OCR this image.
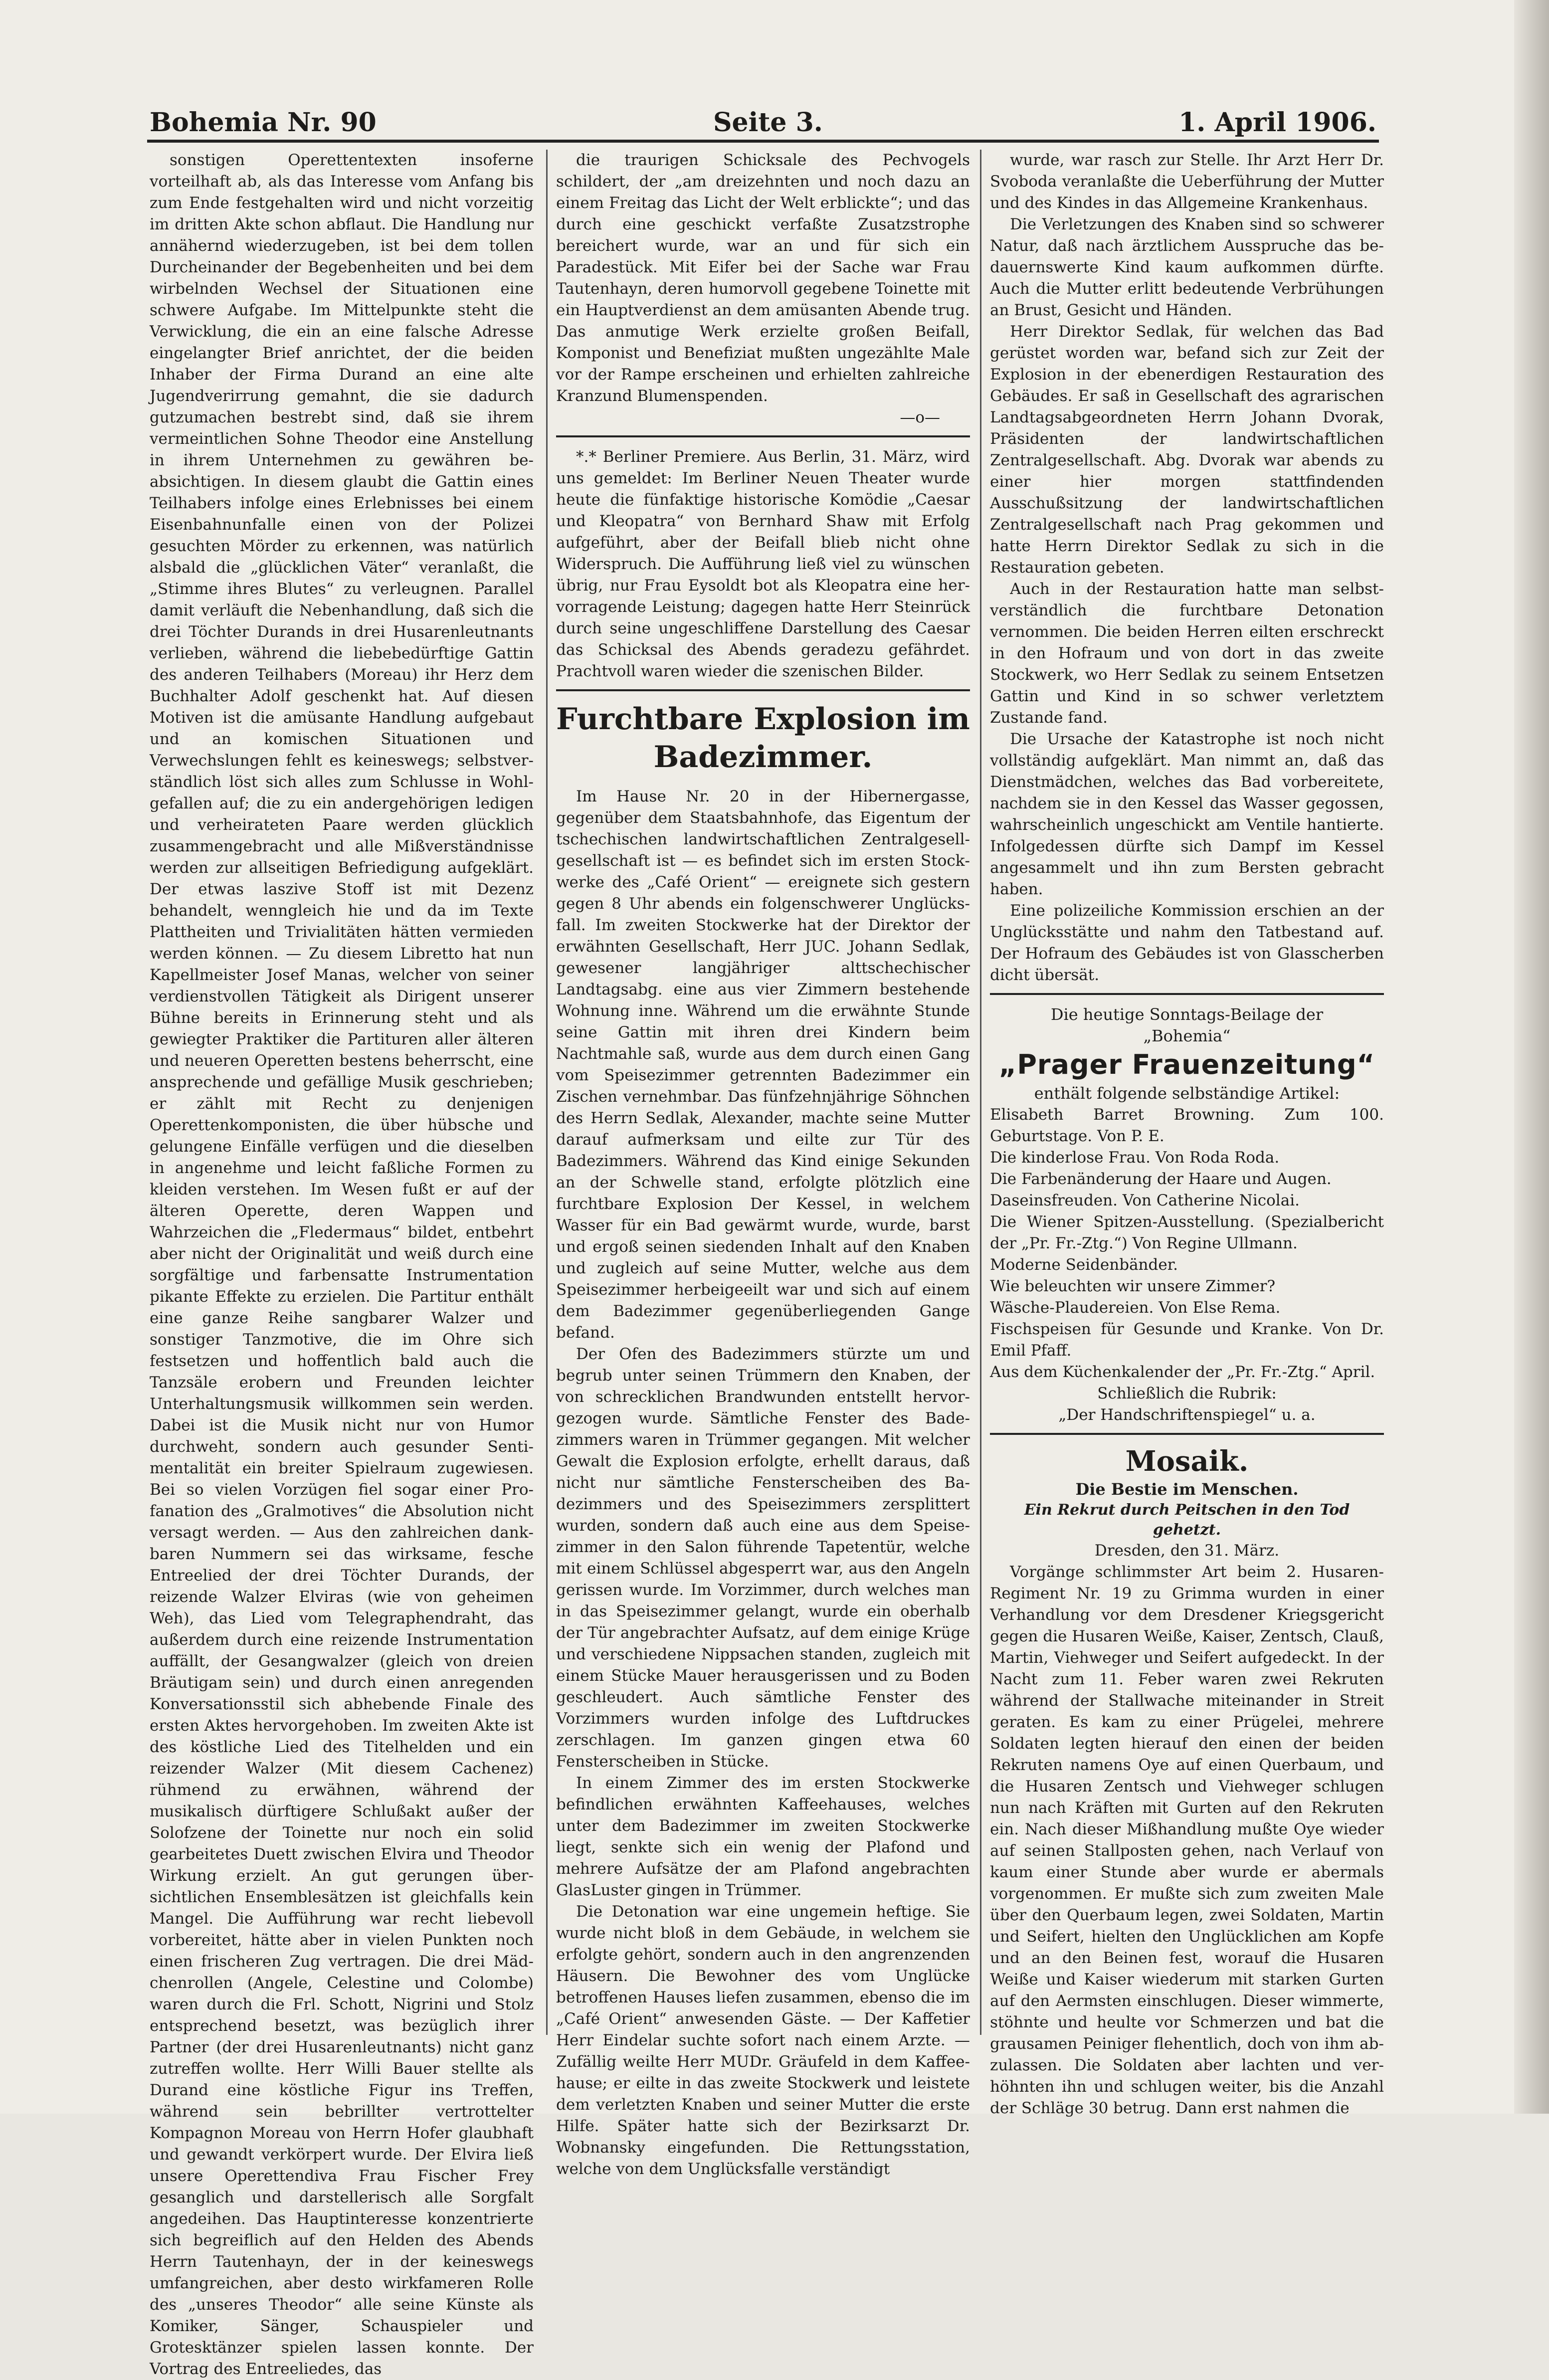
Bohemia Nr. 90	Seite 3.	1. April 1906.

sonstigen Operettentexten insoferne vorteilhaft ab, als das Interesse vom Anfang bis zum Ende festgehalten wird und nicht vorzeitig im dritten Akte schon abflaut. Die Handlung nur annähernd wiederzugeben, ist bei dem tollen Durcheinander der Begebenheiten und bei dem wirbelnden Wechsel der Situationen eine schwere Aufgabe. Im Mittelpunkte steht die Verwicklung, die ein an eine falsche Adresse eingelangter Brief anrichtet, der die beiden Inhaber der Firma Durand an eine alte Jugendverirrung gemahnt, die sie dadurch gutzumachen bestrebt sind, daß sie ihrem vermeintlichen Sohne Theodor eine Anstellung in ihrem Unternehmen zu gewähren beabsichtigen. In diesem glaubt die Gattin eines Teilhabers infolge eines Erlebnisses bei einem Eisenbahnunfalle einen von der Polizei gesuchten Mörder zu erkennen, was natürlich alsbald die „glücklichen Väter“ veranlaßt, die „Stimme ihres Blutes“ zu verleugnen. Parallel damit verläuft die Nebenhandlung, daß sich die drei Töchter Durands in drei Husarenleutnants verlieben, während die liebebedürftige Gattin des anderen Teilhabers (Moreau) ihr Herz dem Buchhalter Adolf geschenkt hat. Auf diesen Motiven ist die amüsante Handlung aufgebaut und an komischen Situationen und Verwechslungen fehlt es keineswegs; selbstverständlich löst sich alles zum Schlusse in Wohlgefallen auf; die zu ein andergehörigen ledigen und verheirateten Paare werden glücklich zusammengebracht und alle Mißverständnisse werden zur allseitigen Befriedigung aufgeklärt. Der etwas laszive Stoff ist mit Dezenz behandelt, wenngleich hie und da im Texte Plattheiten und Trivialitäten hätten vermieden werden können. — Zu diesem Libretto hat nun Kapellmeister Josef Manas, welcher von seiner verdienstvollen Tätigkeit als Dirigent unserer Bühne bereits in Erinnerung steht und als gewiegter Praktiker die Partituren aller älteren und neueren Operetten bestens beherrscht, eine ansprechende und gefällige Musik geschrieben; er zählt mit Recht zu denjenigen Operettenkomponisten, die über hübsche und gelungene Einfälle verfügen und die dieselben in angenehme und leicht faßliche Formen zu kleiden verstehen. Im Wesen fußt er auf der älteren Operette, deren Wappen und Wahrzeichen die „Fledermaus“ bildet, entbehrt aber nicht der Originalität und weiß durch eine sorgfältige und farbensatte Instrumentation pikante Effekte zu erzielen. Die Partitur enthält eine ganze Reihe sangbarer Walzer und sonstiger Tanzmotive, die im Ohre sich festsetzen und hoffentlich bald auch die Tanzsäle erobern und Freunden leichter Unterhaltungsmusik willkommen sein werden. Dabei ist die Musik nicht nur von Humor durchweht, sondern auch gesunder Sentimentalität ein breiter Spielraum zugewiesen. Bei so vielen Vorzügen fiel sogar einer Profanation des „Gralmotives“ die Absolution nicht versagt werden. — Aus den zahlreichen dankbaren Nummern sei das wirksame, fesche Entreelied der drei Töchter Durands, der reizende Walzer Elviras (wie von geheimen Weh), das Lied vom Telegraphendraht, das außerdem durch eine reizende Instrumentation auffällt, der Gesangwalzer (gleich von dreien Bräutigam sein) und durch einen anregenden Konversationsstil sich abhebende Finale des ersten Aktes hervorgehoben. Im zweiten Akte ist des köstliche Lied des Titelhelden und ein reizender Walzer (Mit diesem Cachenez) rühmend zu erwähnen, während der musikalisch dürftigere Schlußakt außer der Solofzene der Toinette nur noch ein solid gearbeitetes Duett zwischen Elvira und Theodor Wirkung erzielt. An gut gerungen übersichtlichen Ensemblesätzen ist gleichfalls kein Mangel. Die Aufführung war recht liebevoll vorbereitet, hätte aber in vielen Punkten noch einen frischeren Zug vertragen. Die drei Mädchenrollen (Angele, Celestine und Colombe) waren durch die Frl. Schott, Nigrini und Stolz entsprechend besetzt, was bezüglich ihrer Partner (der drei Husarenleutnants) nicht ganz zutreffen wollte. Herr Willi Bauer stellte als Durand eine köstliche Figur ins Treffen, während sein bebrillter vertrottelter Kompagnon Moreau von Herrn Hofer glaubhaft und gewandt verkörpert wurde. Der Elvira ließ unsere Operettendiva Frau Fischer Frey gesanglich und darstellerisch alle Sorgfalt angedeihen. Das Hauptinteresse konzentrierte sich begreiflich auf den Helden des Abends Herrn Tautenhayn, der in der keineswegs umfangreichen, aber desto wirkfameren Rolle des „unseres Theodor“ alle seine Künste als Komiker, Sänger, Schauspieler und Grotesktänzer spielen lassen konnte. Der Vortrag des Entreeliedes, das

die traurigen Schicksale des Pechvogels schildert, der „am dreizehnten und noch dazu an einem Freitag das Licht der Welt erblickte“; und das durch eine geschickt verfaßte Zusatzstrophe bereichert wurde, war an und für sich ein Paradestück. Mit Eifer bei der Sache war Frau Tautenhayn, deren humorvoll gegebene Toinette mit ein Hauptverdienst an dem amüsanten Abende trug. Das anmutige Werk erzielte großen Beifall, Komponist und Benefiziat mußten ungezählte Male vor der Rampe erscheinen und erhielten zahlreiche Kranzund Blumenspenden.

—o—

*.* Berliner Premiere. Aus Berlin, 31. März, wird uns gemeldet: Im Berliner Neuen Theater wurde heute die fünfaktige historische Komödie „Caesar und Kleopatra“ von Bernhard Shaw mit Erfolg aufgeführt, aber der Beifall blieb nicht ohne Widerspruch. Die Aufführung ließ viel zu wünschen übrig, nur Frau Eysoldt bot als Kleopatra eine hervorragende Leistung; dagegen hatte Herr Steinrück durch seine ungeschliffene Darstellung des Caesar das Schicksal des Abends geradezu gefährdet. Prachtvoll waren wieder die szenischen Bilder.

Furchtbare Explosion im Badezimmer.

Im Hause Nr. 20 in der Hibernergasse, gegenüber dem Staatsbahnhofe, das Eigentum der tschechischen landwirtschaftlichen Zentralgesellgesellschaft ist — es befindet sich im ersten Stockwerke des „Café Orient“ — ereignete sich gestern gegen 8 Uhr abends ein folgenschwerer Unglücksfall. Im zweiten Stockwerke hat der Direktor der erwähnten Gesellschaft, Herr JUC. Johann Sedlak, gewesener langjähriger alttschechischer Landtagsabg. eine aus vier Zimmern bestehende Wohnung inne. Während um die erwähnte Stunde seine Gattin mit ihren drei Kindern beim Nachtmahle saß, wurde aus dem durch einen Gang vom Speisezimmer getrennten Badezimmer ein Zischen vernehmbar. Das fünfzehnjährige Söhnchen des Herrn Sedlak, Alexander, machte seine Mutter darauf aufmerksam und eilte zur Tür des Badezimmers. Während das Kind einige Sekunden an der Schwelle stand, erfolgte plötzlich eine furchtbare Explosion Der Kessel, in welchem Wasser für ein Bad gewärmt wurde, wurde, barst und ergoß seinen siedenden Inhalt auf den Knaben und zugleich auf seine Mutter, welche aus dem Speisezimmer herbeigeeilt war und sich auf einem dem Badezimmer gegenüberliegenden Gange befand.

Der Ofen des Badezimmers stürzte um und begrub unter seinen Trümmern den Knaben, der von schrecklichen Brandwunden entstellt hervorgezogen wurde. Sämtliche Fenster des Badezimmers waren in Trümmer gegangen. Mit welcher Gewalt die Explosion erfolgte, erhellt daraus, daß nicht nur sämtliche Fensterscheiben des Badezimmers und des Speisezimmers zersplittert wurden, sondern daß auch eine aus dem Speisezimmer in den Salon führende Tapetentür, welche mit einem Schlüssel abgesperrt war, aus den Angeln gerissen wurde. Im Vorzimmer, durch welches man in das Speisezimmer gelangt, wurde ein oberhalb der Tür angebrachter Aufsatz, auf dem einige Krüge und verschiedene Nippsachen standen, zugleich mit einem Stücke Mauer herausgerissen und zu Boden geschleudert. Auch sämtliche Fenster des Vorzimmers wurden infolge des Luftdruckes zerschlagen. Im ganzen gingen etwa 60 Fensterscheiben in Stücke.

In einem Zimmer des im ersten Stockwerke befindlichen erwähnten Kaffeehauses, welches unter dem Badezimmer im zweiten Stockwerke liegt, senkte sich ein wenig der Plafond und mehrere Aufsätze der am Plafond angebrachten GlasLuster gingen in Trümmer.

Die Detonation war eine ungemein heftige. Sie wurde nicht bloß in dem Gebäude, in welchem sie erfolgte gehört, sondern auch in den angrenzenden Häusern. Die Bewohner des vom Unglücke betroffenen Hauses liefen zusammen, ebenso die im „Café Orient“ anwesenden Gäste. — Der Kaffetier Herr Eindelar suchte sofort nach einem Arzte. — Zufällig weilte Herr MUDr. Gräufeld in dem Kaffeehause; er eilte in das zweite Stockwerk und leistete dem verletzten Knaben und seiner Mutter die erste Hilfe. Später hatte sich der Bezirksarzt Dr. Wobnansky eingefunden. Die Rettungsstation, welche von dem Unglücksfalle verständigt

wurde, war rasch zur Stelle. Ihr Arzt Herr Dr. Svoboda veranlaßte die Ueberführung der Mutter und des Kindes in das Allgemeine Krankenhaus.

Die Verletzungen des Knaben sind so schwerer Natur, daß nach ärztlichem Ausspruche das bedauernswerte Kind kaum aufkommen dürfte. Auch die Mutter erlitt bedeutende Verbrühungen an Brust, Gesicht und Händen.

Herr Direktor Sedlak, für welchen das Bad gerüstet worden war, befand sich zur Zeit der Explosion in der ebenerdigen Restauration des Gebäudes. Er saß in Gesellschaft des agrarischen Landtagsabgeordneten Herrn Johann Dvorak, Präsidenten der landwirtschaftlichen Zentralgesellschaft. Abg. Dvorak war abends zu einer hier morgen stattfindenden Ausschußsitzung der landwirtschaftlichen Zentralgesellschaft nach Prag gekommen und hatte Herrn Direktor Sedlak zu sich in die Restauration gebeten.

Auch in der Restauration hatte man selbstverständlich die furchtbare Detonation vernommen. Die beiden Herren eilten erschreckt in den Hofraum und von dort in das zweite Stockwerk, wo Herr Sedlak zu seinem Entsetzen Gattin und Kind in so schwer verletztem Zustande fand.

Die Ursache der Katastrophe ist noch nicht vollständig aufgeklärt. Man nimmt an, daß das Dienstmädchen, welches das Bad vorbereitete, nachdem sie in den Kessel das Wasser gegossen, wahrscheinlich ungeschickt am Ventile hantierte. Infolgedessen dürfte sich Dampf im Kessel angesammelt und ihn zum Bersten gebracht haben.

Eine polizeiliche Kommission erschien an der Unglücksstätte und nahm den Tatbestand auf. Der Hofraum des Gebäudes ist von Glasscherben dicht übersät.

Die heutige Sonntags-Beilage der
„Bohemia“
„Prager Frauenzeitung“
enthält folgende selbständige Artikel:
Elisabeth Barret Browning. Zum 100. Geburtstage. Von P. E.
Die kinderlose Frau. Von Roda Roda.
Die Farbenänderung der Haare und Augen.
Daseinsfreuden. Von Catherine Nicolai.
Die Wiener Spitzen-Ausstellung. (Spezialbericht der „Pr. Fr.-Ztg.“) Von Regine Ullmann.
Moderne Seidenbänder.
Wie beleuchten wir unsere Zimmer?
Wäsche-Plaudereien. Von Else Rema.
Fischspeisen für Gesunde und Kranke. Von Dr. Emil Pfaff.
Aus dem Küchenkalender der „Pr. Fr.-Ztg.“ April.
Schließlich die Rubrik:
„Der Handschriftenspiegel“ u. a.
Mosaik.
Die Bestie im Menschen.
Ein Rekrut durch Peitschen in den Tod gehetzt.
Dresden, den 31. März.

Vorgänge schlimmster Art beim 2. Husaren-Regiment Nr. 19 zu Grimma wurden in einer Verhandlung vor dem Dresdener Kriegsgericht gegen die Husaren Weiße, Kaiser, Zentsch, Clauß, Martin, Viehweger und Seifert aufgedeckt. In der Nacht zum 11. Feber waren zwei Rekruten während der Stallwache miteinander in Streit geraten. Es kam zu einer Prügelei, mehrere Soldaten legten hierauf den einen der beiden Rekruten namens Oye auf einen Querbaum, und die Husaren Zentsch und Viehweger schlugen nun nach Kräften mit Gurten auf den Rekruten ein. Nach dieser Mißhandlung mußte Oye wieder auf seinen Stallposten gehen, nach Verlauf von kaum einer Stunde aber wurde er abermals vorgenommen. Er mußte sich zum zweiten Male über den Querbaum legen, zwei Soldaten, Martin und Seifert, hielten den Unglücklichen am Kopfe und an den Beinen fest, worauf die Husaren Weiße und Kaiser wiederum mit starken Gurten auf den Aermsten einschlugen. Dieser wimmerte, stöhnte und heulte vor Schmerzen und bat die grausamen Peiniger flehentlich, doch von ihm abzulassen. Die Soldaten aber lachten und verhöhnten ihn und schlugen weiter, bis die Anzahl der Schläge 30 betrug. Dann erst nahmen die
